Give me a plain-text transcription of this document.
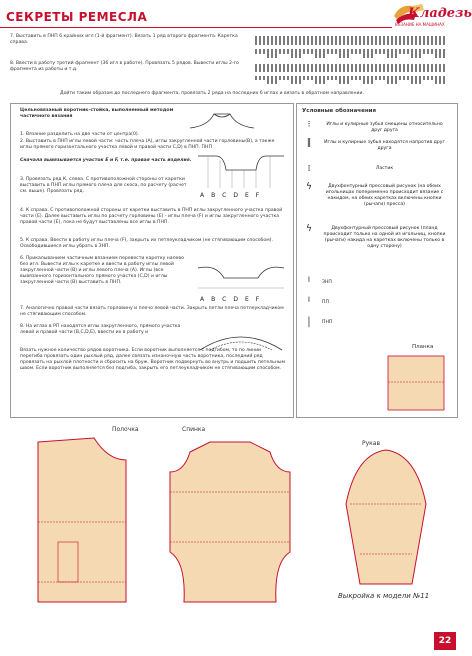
СЕКРЕТЫ РЕМЕСЛА	Кладезь
ВЯЗАНИЕ НА МАШИНАХ
7. Выставить в ПНП 6 крайних игл (1-й фрагмент). Вязать 1 ряд второго фрагмента. Каретка справа.
8. Ввести в работу третий фрагмент (36 игл в работе). Провязать 5 рядов. Вывести иглы 2-го фрагмента из работы и т.д.
Дойти таким образом до последнего фрагмента, провязать 2 ряда на последних 6 иглах и вязать в обратном направлении.
Цельновязаный воротник-стойка, выполненный методом частичного вязания
1. Вязание разделить на две части от центра(0).
2. Выставить в ПНП иглы левой части: часть плеча (А), иглы закругленной части горловины(В), а также иглы прямого горизонтального участка левой и правой части С,D) в ПНП. ПНП
Сначала вывязывается участок E и F, т.е. правая часть изделия.
3. Провязать ряд К, слева. С противоположной стороны от каретки выставить в ПНП иглы прямого плеча для скоса, по расчету (расчет см. выше). Провязать ряд.
ABCDEF
4. К справа. С противоположной стороны от каретки выставить в ПНП иглы закругленного участка правой части (E). Далее выставить иглы по расчету горловины (E) - иглы плеча (F) и иглы закругленного участка правой части (E), пока не будут выставлены все иглы в ПНП.
5. К справа. Ввести в работу иглы плеча (F), закрыть их петлеукладчиком (не стягивающим способом). Освободившиеся иглы убрать в ЗНП.
6. Прикалыванием частичным вязанием перевести каретку налево без игл. Вывести иглы к каретке и ввести в работу иглы левой закругленной части (В) и иглы левого плеча (А). Иглы (все вывязанного горизонтального прямого участка (С,D) и иглы закругленной части (В) выставить в ПНП.
ABCDEF
7. Аналогично правой части вязать горловину и плечо левой части. Закрыть петли плеча петлеукладчиком не стягивающим способом.
8. На иглах в РП находятся иглы закругленного, прямого участка левой и правой части (В,С,D,E), ввести их в работу и
Вязать нужное количество рядов воротника. Если воротник выполняется с подгибом, то по линии перегиба провязать один рыхлый ряд, далее связать изнаночную часть воротника, последний ряд провязать на рыхлой плотности и сбросить на бруж. Воротник подвернуть во внутрь и подшить петельным швом. Если воротник выполняется без подгиба, закрыть его петлеукладчиком не стягивающим способом.
Условные обозначения
⁝	Иглы и кулирные зубья смещены относительно друг друга
‖	Иглы и кулирные зубья находятся напротив друг друга
⁞	Ластик
ϟ	Двухфонтурный прессовый рисунок (на обеих игольницах попеременно происходит вязание с накидом, на обеих каретках включены кнопки (рычаги) пресса)
ϟ	Двухфонтурный прессовый рисунок (планд происходит только на одной из игольниц, кнопки (рычаги) накида на каретках включены только в одну сторону)
╵	ЗНП
╵	ПП
│	ПНП
Планка
Полочка	Спинка
Рукав
Выкройка к модели №11
22
